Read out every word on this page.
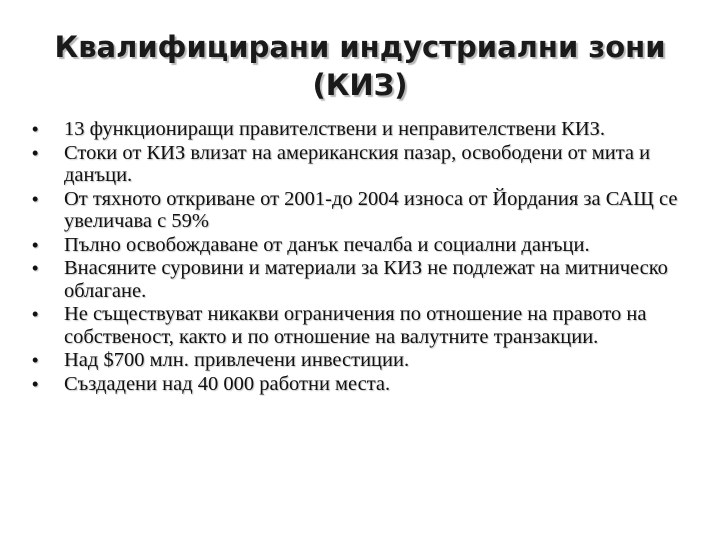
Квалифицирани индустриални зони
(КИЗ)
• 13 функциониращи правителствени и неправителствени КИЗ.
• Стоки от КИЗ влизат на американския пазар, освободени от мита и данъци.
• От тяхното откриване от 2001-до 2004 износа от Йордания за САЩ се увеличава с 59%
• Пълно освобождаване от данък печалба и социални данъци.
• Внасяните суровини и материали за КИЗ не подлежат на митническо облагане.
• Не съществуват никакви ограничения по отношение на правото на собственост, както и по отношение на валутните транзакции.
• Над $700 млн. привлечени инвестиции.
• Създадени над 40 000 работни места.
